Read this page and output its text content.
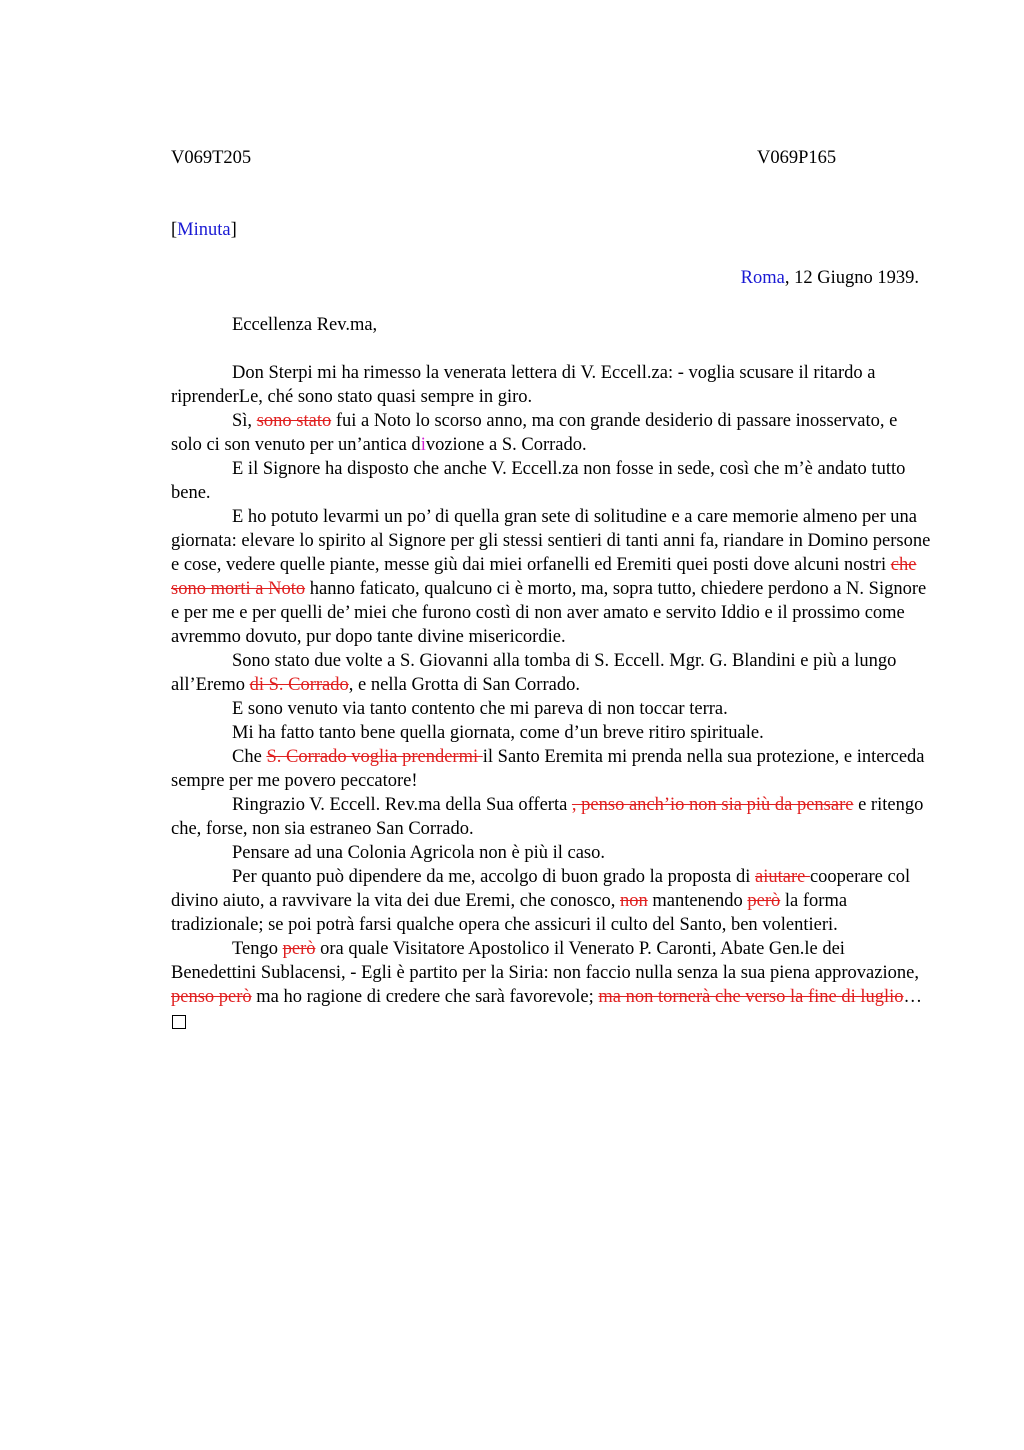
V069T205	V069P165
[Minuta]
Roma, 12 Giugno 1939.
Eccellenza Rev.ma,

Don Sterpi mi ha rimesso la venerata lettera di V. Eccell.za: - voglia scusare il ritardo a riprenderLe, ché sono stato quasi sempre in giro.

Sì, sono stato fui a Noto lo scorso anno, ma con grande desiderio di passare inosservato, e solo ci son venuto per un’antica divozione a S. Corrado.

E il Signore ha disposto che anche V. Eccell.za non fosse in sede, così che m’è andato tutto bene.

E ho potuto levarmi un po’ di quella gran sete di solitudine e a care memorie almeno per una giornata: elevare lo spirito al Signore per gli stessi sentieri di tanti anni fa, riandare in Domino persone e cose, vedere quelle piante, messe giù dai miei orfanelli ed Eremiti quei posti dove alcuni nostri che sono morti a Noto hanno faticato, qualcuno ci è morto, ma, sopra tutto, chiedere perdono a N. Signore e per me e per quelli de’ miei che furono costì di non aver amato e servito Iddio e il prossimo come avremmo dovuto, pur dopo tante divine misericordie.

Sono stato due volte a S. Giovanni alla tomba di S. Eccell. Mgr. G. Blandini e più a lungo all’Eremo di S. Corrado, e nella Grotta di San Corrado.

E sono venuto via tanto contento che mi pareva di non toccar terra.

Mi ha fatto tanto bene quella giornata, come d’un breve ritiro spirituale.

Che S. Corrado voglia prendermi il Santo Eremita mi prenda nella sua protezione, e interceda sempre per me povero peccatore!

Ringrazio V. Eccell. Rev.ma della Sua offerta , penso anch’io non sia più da pensare e ritengo che, forse, non sia estraneo San Corrado.

Pensare ad una Colonia Agricola non è più il caso.

Per quanto può dipendere da me, accolgo di buon grado la proposta di aiutare cooperare col divino aiuto, a ravvivare la vita dei due Eremi, che conosco, non mantenendo però la forma tradizionale; se poi potrà farsi qualche opera che assicuri il culto del Santo, ben volentieri.

Tengo però ora quale Visitatore Apostolico il Venerato P. Caronti, Abate Gen.le dei Benedettini Sublacensi, - Egli è partito per la Siria: non faccio nulla senza la sua piena approvazione, penso però ma ho ragione di credere che sarà favorevole; ma non tornerà che verso la fine di luglio…
